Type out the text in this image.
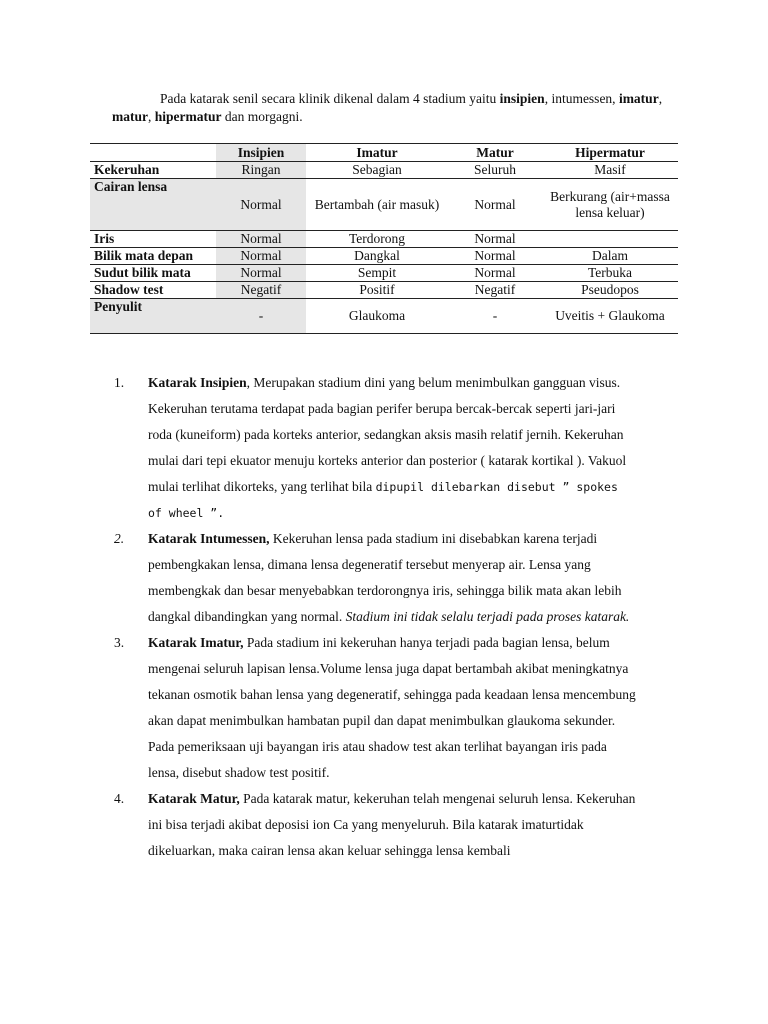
Pada katarak senil secara klinik dikenal dalam 4 stadium yaitu insipien, intumessen, imatur, matur, hipermatur dan morgagni.

	Insipien	Imatur	Matur	Hipermatur
Kekeruhan	Ringan	Sebagian	Seluruh	Masif
Cairan lensa	Normal	Bertambah (air masuk)	Normal	Berkurang (air+massa lensa keluar)
Iris	Normal	Terdorong	Normal	
Bilik mata depan	Normal	Dangkal	Normal	Dalam
Sudut bilik mata	Normal	Sempit	Normal	Terbuka
Shadow test	Negatif	Positif	Negatif	Pseudopos
Penyulit	-	Glaukoma	-	Uveitis + Glaukoma
1. Katarak Insipien, Merupakan stadium dini yang belum menimbulkan gangguan visus. Kekeruhan terutama terdapat pada bagian perifer berupa bercak-bercak seperti jari-jari roda (kuneiform) pada korteks anterior, sedangkan aksis masih relatif jernih. Kekeruhan mulai dari tepi ekuator menuju korteks anterior dan posterior ( katarak kortikal ). Vakuol mulai terlihat dikorteks, yang terlihat bila dipupil dilebarkan disebut ” spokes of wheel ”.
2. Katarak Intumessen, Kekeruhan lensa pada stadium ini disebabkan karena terjadi pembengkakan lensa, dimana lensa degeneratif tersebut menyerap air. Lensa yang membengkak dan besar menyebabkan terdorongnya iris, sehingga bilik mata akan lebih dangkal dibandingkan yang normal. Stadium ini tidak selalu terjadi pada proses katarak.
3. Katarak Imatur, Pada stadium ini kekeruhan hanya terjadi pada bagian lensa, belum mengenai seluruh lapisan lensa.Volume lensa juga dapat bertambah akibat meningkatnya tekanan osmotik bahan lensa yang degeneratif, sehingga pada keadaan lensa mencembung akan dapat menimbulkan hambatan pupil dan dapat menimbulkan glaukoma sekunder. Pada pemeriksaan uji bayangan iris atau shadow test akan terlihat bayangan iris pada lensa, disebut shadow test positif.
4. Katarak Matur, Pada katarak matur, kekeruhan telah mengenai seluruh lensa. Kekeruhan ini bisa terjadi akibat deposisi ion Ca yang menyeluruh. Bila katarak imaturtidak dikeluarkan, maka cairan lensa akan keluar sehingga lensa kembali
